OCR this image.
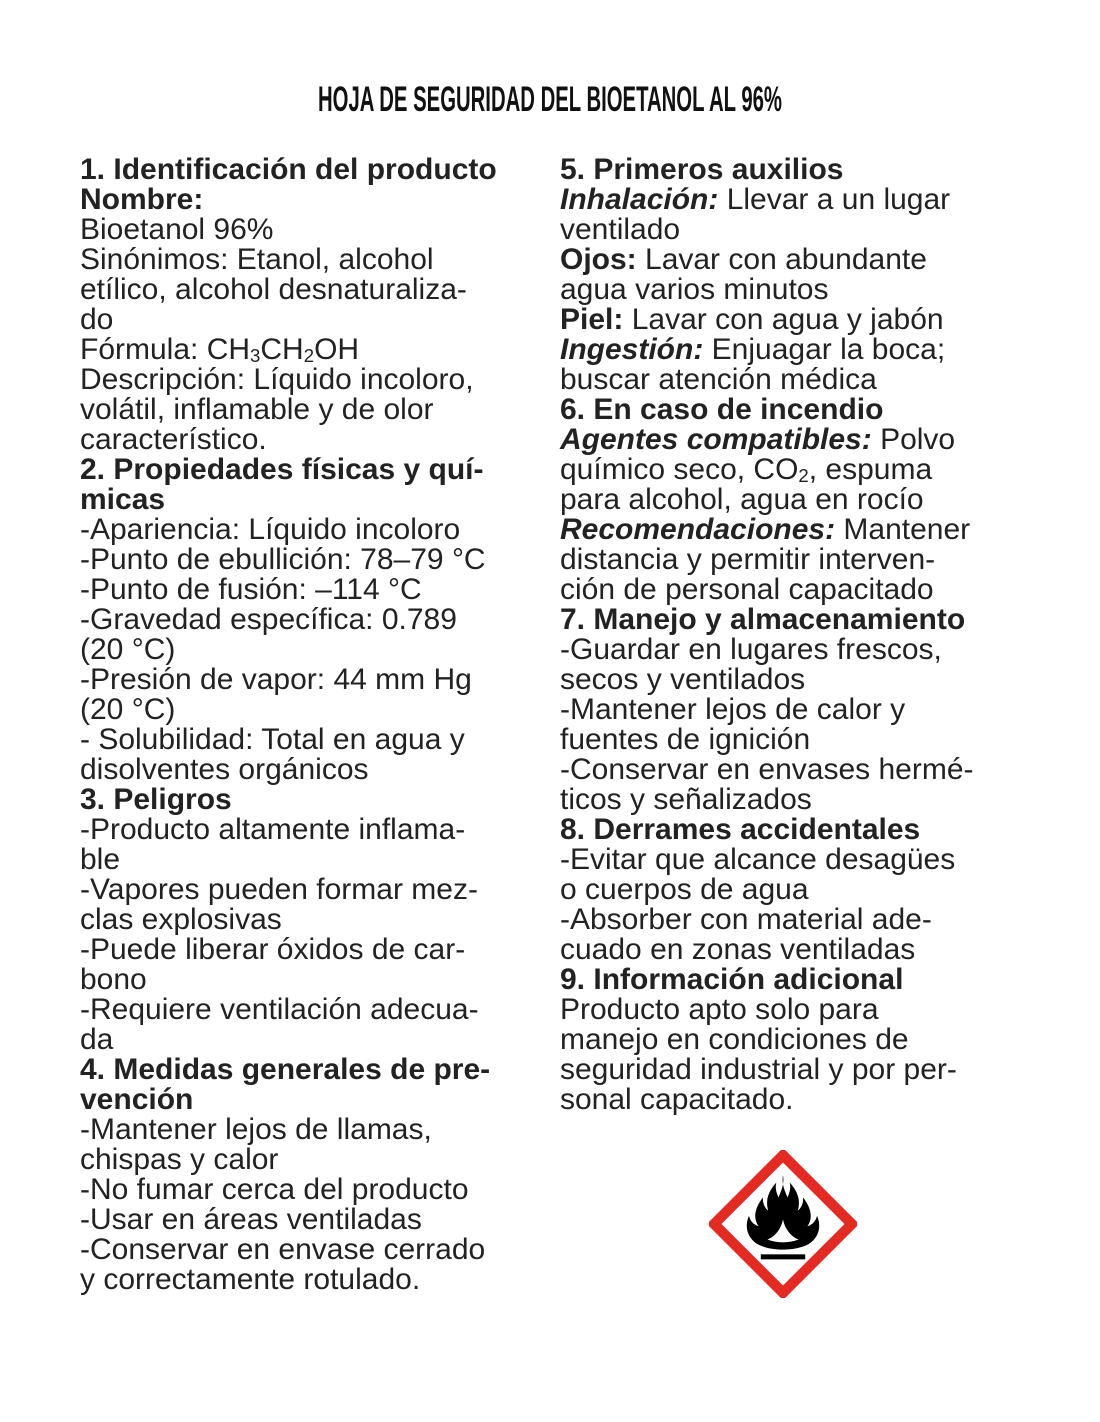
HOJA DE SEGURIDAD DEL BIOETANOL AL 96%
1. Identificación del producto
Nombre:
Bioetanol 96%
Sinónimos: Etanol, alcohol
etílico, alcohol desnaturaliza-
do
Fórmula: CH3CH2OH
Descripción: Líquido incoloro,
volátil, inflamable y de olor
característico.
2. Propiedades físicas y quí-
micas
-Apariencia: Líquido incoloro
-Punto de ebullición: 78–79 °C
-Punto de fusión: –114 °C
-Gravedad específica: 0.789
(20 °C)
-Presión de vapor: 44 mm Hg
(20 °C)
- Solubilidad: Total en agua y
disolventes orgánicos
3. Peligros
-Producto altamente inflama-
ble
-Vapores pueden formar mez-
clas explosivas
-Puede liberar óxidos de car-
bono
-Requiere ventilación adecua-
da
4. Medidas generales de pre-
vención
-Mantener lejos de llamas,
chispas y calor
-No fumar cerca del producto
-Usar en áreas ventiladas
-Conservar en envase cerrado
y correctamente rotulado.
5. Primeros auxilios
Inhalación: Llevar a un lugar
ventilado
Ojos: Lavar con abundante
agua varios minutos
Piel: Lavar con agua y jabón
Ingestión: Enjuagar la boca;
buscar atención médica
6. En caso de incendio
Agentes compatibles: Polvo
químico seco, CO2, espuma
para alcohol, agua en rocío
Recomendaciones: Mantener
distancia y permitir interven-
ción de personal capacitado
7. Manejo y almacenamiento
-Guardar en lugares frescos,
secos y ventilados
-Mantener lejos de calor y
fuentes de ignición
-Conservar en envases hermé-
ticos y señalizados
8. Derrames accidentales
-Evitar que alcance desagües
o cuerpos de agua
-Absorber con material ade-
cuado en zonas ventiladas
9. Información adicional
Producto apto solo para
manejo en condiciones de
seguridad industrial y por per-
sonal capacitado.
